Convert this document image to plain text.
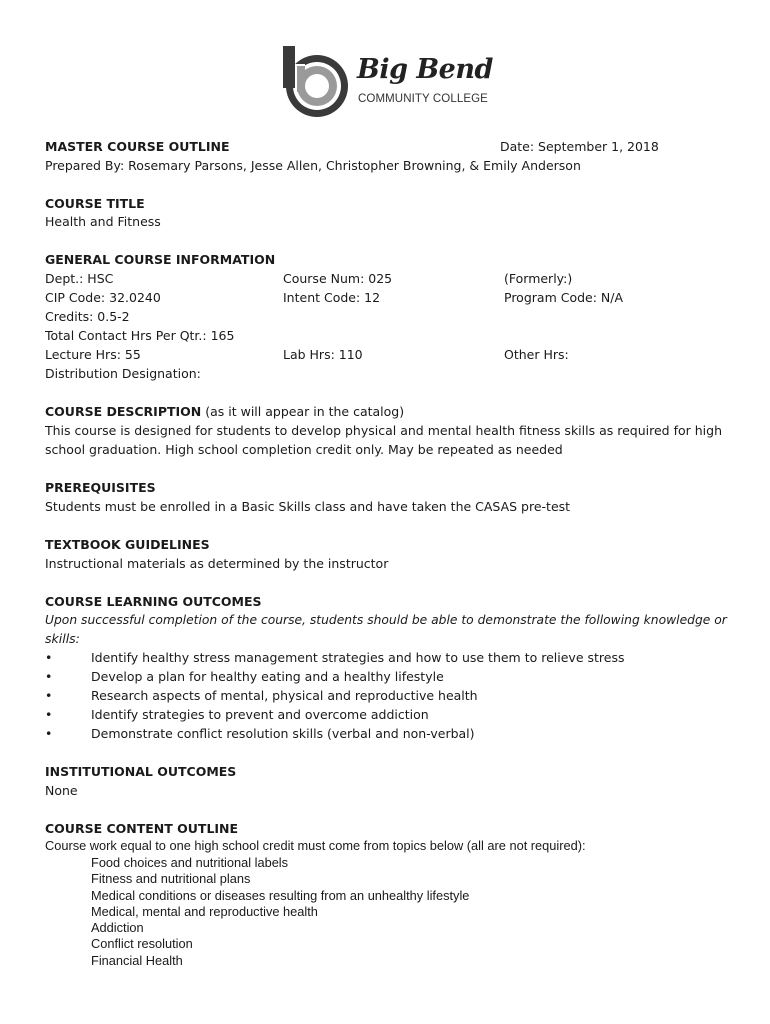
Big Bend
COMMUNITY COLLEGE
MASTER COURSE OUTLINE	Date: September 1, 2018
Prepared By: Rosemary Parsons, Jesse Allen, Christopher Browning, & Emily Anderson
COURSE TITLE
Health and Fitness
GENERAL COURSE INFORMATION
Dept.: HSC	Course Num: 025	(Formerly:)
CIP Code: 32.0240	Intent Code: 12	Program Code: N/A
Credits: 0.5-2
Total Contact Hrs Per Qtr.: 165
Lecture Hrs: 55	Lab Hrs: 110	Other Hrs:
Distribution Designation:
COURSE DESCRIPTION (as it will appear in the catalog)
This course is designed for students to develop physical and mental health fitness skills as required for high
school graduation. High school completion credit only. May be repeated as needed
PREREQUISITES
Students must be enrolled in a Basic Skills class and have taken the CASAS pre-test
TEXTBOOK GUIDELINES
Instructional materials as determined by the instructor
COURSE LEARNING OUTCOMES
Upon successful completion of the course, students should be able to demonstrate the following knowledge or
skills:
•	Identify healthy stress management strategies and how to use them to relieve stress
•	Develop a plan for healthy eating and a healthy lifestyle
•	Research aspects of mental, physical and reproductive health
•	Identify strategies to prevent and overcome addiction
•	Demonstrate conflict resolution skills (verbal and non-verbal)
INSTITUTIONAL OUTCOMES
None
COURSE CONTENT OUTLINE
Course work equal to one high school credit must come from topics below (all are not required):
Food choices and nutritional labels
Fitness and nutritional plans
Medical conditions or diseases resulting from an unhealthy lifestyle
Medical, mental and reproductive health
Addiction
Conflict resolution
Financial Health
